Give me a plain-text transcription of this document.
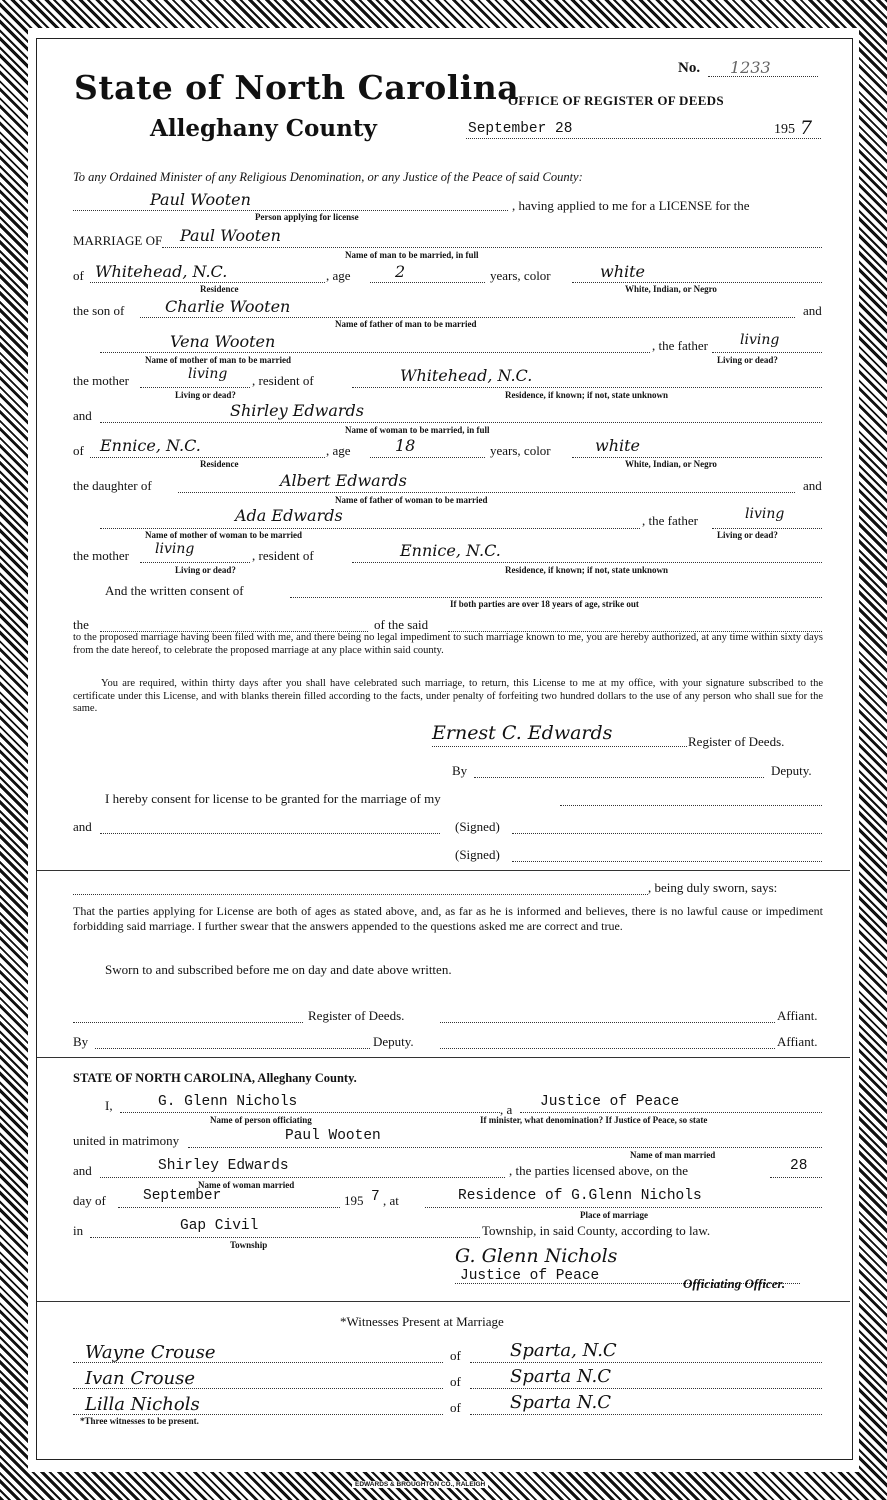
No. 1233
State of North Carolina
OFFICE OF REGISTER OF DEEDS
Alleghany County	September 28	195 7
To any Ordained Minister of any Religious Denomination, or any Justice of the Peace of said County:
Paul Wooten	, having applied to me for a LICENSE for the
Person applying for license
MARRIAGE OF Paul Wooten
Name of man to be married, in full
of Whitehead, N.C.	, age	2	years, color	white
Residence	White, Indian, or Negro
the son of	Charlie Wooten	and
Name of father of man to be married
Vena Wooten	, the father living
Name of mother of man to be married	Living or dead?
the mother	living , resident of	Whitehead, N.C.
Living or dead?	Residence, if known; if not, state unknown
and	Shirley Edwards
Name of woman to be married, in full
of Ennice, N.C.	, age	18	years, color	white
Residence	White, Indian, or Negro
the daughter of	Albert Edwards	and
Name of father of woman to be married
Ada Edwards	, the father	living
Name of mother of woman to be married	Living or dead?
the mother living	, resident of	Ennice, N.C.
Living or dead?	Residence, if known; if not, state unknown
And the written consent of
If both parties are over 18 years of age, strike out
the	of the said
to the proposed marriage having been filed with me, and there being no legal impediment to such marriage known to me, you are hereby authorized, at any time within sixty days from the date hereof, to celebrate the proposed marriage at any place within said county.
You are required, within thirty days after you shall have celebrated such marriage, to return, this License to me at my office, with your signature subscribed to the certificate under this License, and with blanks therein filled according to the facts, under penalty of forfeiting two hundred dollars to the use of any person who shall sue for the same.
Ernest C. Edwards	Register of Deeds.
By	Deputy.
I hereby consent for license to be granted for the marriage of my
and	(Signed)
(Signed)
, being duly sworn, says:
That the parties applying for License are both of ages as stated above, and, as far as he is informed and believes, there is no lawful cause or impediment forbidding said marriage. I further swear that the answers appended to the questions asked me are correct and true.
Sworn to and subscribed before me on day and date above written.
Register of Deeds.	Affiant.
By	Deputy.	Affiant.
STATE OF NORTH CAROLINA, Alleghany County.
I,	G. Glenn Nichols	, a Justice of Peace
Name of person officiating	If minister, what denomination? If Justice of Peace, so state
united in matrimony	Paul Wooten
Name of man married
and	Shirley Edwards	, the parties licensed above, on the	28
Name of woman married
day of	September	195 7 , at	Residence of G.Glenn Nichols
Place of marriage
in	Gap Civil	Township, in said County, according to law.
Township	G. Glenn Nichols
Justice of Peace	Officiating Officer.
*Witnesses Present at Marriage
Wayne Crouse	of	Sparta, N.C
Ivan Crouse	of	Sparta N.C
Lilla Nichols	of	Sparta N.C
*Three witnesses to be present.
EDWARDS & BROUGHTON CO., RALEIGH
